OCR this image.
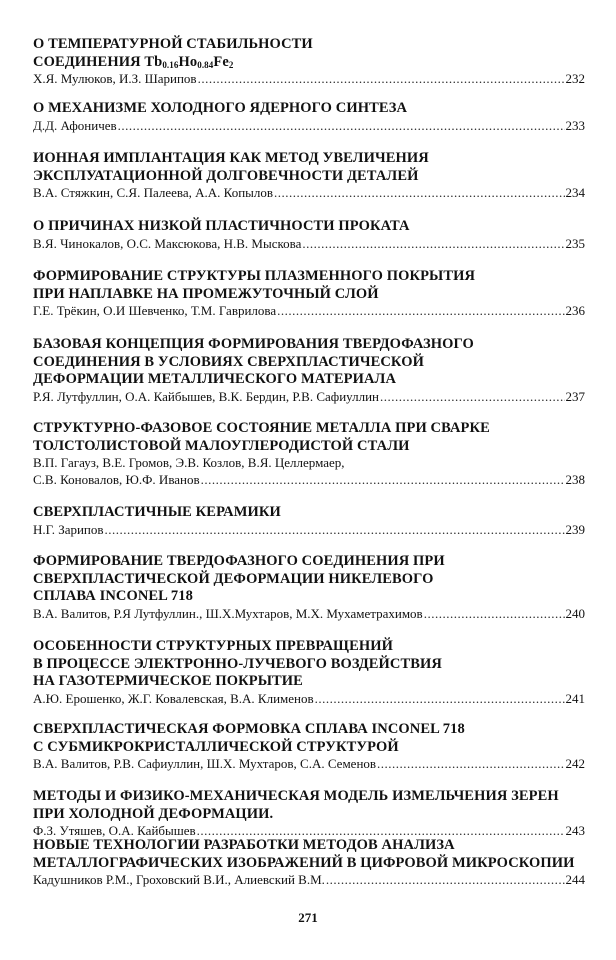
О ТЕМПЕРАТУРНОЙ СТАБИЛЬНОСТИ
СОЕДИНЕНИЯ $Tb_{0.16}Ho_{0.84}Fe_2$
Х.Я. Мулюков, И.З. Шарипов .....	232
О МЕХАНИЗМЕ ХОЛОДНОГО ЯДЕРНОГО СИНТЕЗА
Д.Д. Афоничев .....	233
ИОННАЯ ИМПЛАНТАЦИЯ КАК МЕТОД УВЕЛИЧЕНИЯ
ЭКСПЛУАТАЦИОННОЙ ДОЛГОВЕЧНОСТИ ДЕТАЛЕЙ
В.А. Стяжкин, С.Я. Палеева, А.А. Копылов .....	234
О ПРИЧИНАХ НИЗКОЙ ПЛАСТИЧНОСТИ ПРОКАТА
В.Я. Чинокалов, О.С. Максюкова, Н.В. Мыскова .....	235
ФОРМИРОВАНИЕ СТРУКТУРЫ ПЛАЗМЕННОГО ПОКРЫТИЯ
ПРИ НАПЛАВКЕ НА ПРОМЕЖУТОЧНЫЙ СЛОЙ
Г.Е. Трёкин, О.И Шевченко, Т.М. Гаврилова .....	236
БАЗОВАЯ КОНЦЕПЦИЯ ФОРМИРОВАНИЯ ТВЕРДОФАЗНОГО
СОЕДИНЕНИЯ В УСЛОВИЯХ СВЕРХПЛАСТИЧЕСКОЙ
ДЕФОРМАЦИИ МЕТАЛЛИЧЕСКОГО МАТЕРИАЛА
Р.Я. Лутфуллин, О.А. Кайбышев, В.К. Бердин, Р.В. Сафиуллин .....	237
СТРУКТУРНО-ФАЗОВОЕ СОСТОЯНИЕ МЕТАЛЛА ПРИ СВАРКЕ
ТОЛСТОЛИСТОВОЙ МАЛОУГЛЕРОДИСТОЙ СТАЛИ
В.П. Гагауз, В.Е. Громов, Э.В. Козлов, В.Я. Целлермаер,
С.В. Коновалов, Ю.Ф. Иванов .....	238
СВЕРХПЛАСТИЧНЫЕ КЕРАМИКИ
Н.Г. Зарипов .....	239
ФОРМИРОВАНИЕ ТВЕРДОФАЗНОГО СОЕДИНЕНИЯ ПРИ
СВЕРХПЛАСТИЧЕСКОЙ ДЕФОРМАЦИИ НИКЕЛЕВОГО
СПЛАВА INCONEL 718
В.А. Валитов, Р.Я Лутфуллин., Ш.Х.Мухтаров, М.Х. Мухаметрахимов .....	240
ОСОБЕННОСТИ СТРУКТУРНЫХ ПРЕВРАЩЕНИЙ
В ПРОЦЕССЕ ЭЛЕКТРОННО-ЛУЧЕВОГО ВОЗДЕЙСТВИЯ
НА ГАЗОТЕРМИЧЕСКОЕ ПОКРЫТИЕ
А.Ю. Ерошенко, Ж.Г. Ковалевская, В.А. Клименов .....	241
СВЕРХПЛАСТИЧЕСКАЯ ФОРМОВКА СПЛАВА INCONEL 718
С СУБМИКРОКРИСТАЛЛИЧЕСКОЙ СТРУКТУРОЙ
В.А. Валитов, Р.В. Сафиуллин, Ш.Х. Мухтаров, С.А. Семенов .....	242
МЕТОДЫ И ФИЗИКО-МЕХАНИЧЕСКАЯ МОДЕЛЬ ИЗМЕЛЬЧЕНИЯ ЗЕРЕН
ПРИ ХОЛОДНОЙ ДЕФОРМАЦИИ.
Ф.З. Утяшев, О.А. Кайбышев .....	243
НОВЫЕ ТЕХНОЛОГИИ РАЗРАБОТКИ МЕТОДОВ АНАЛИЗА
МЕТАЛЛОГРАФИЧЕСКИХ ИЗОБРАЖЕНИЙ В ЦИФРОВОЙ МИКРОСКОПИИ
Кадушников Р.М., Гроховский В.И., Алиевский В.М. .....	244
271
